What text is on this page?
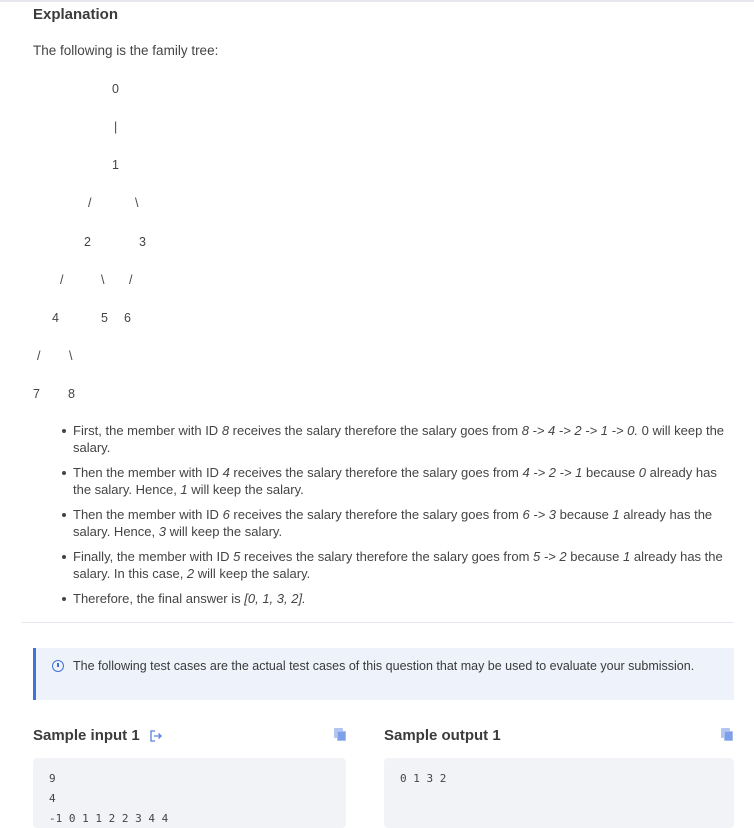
Explanation
The following is the family tree:
0
|
1
/	\
2	3
/	\ /
4	5 6
/ \
7 8
First, the member with ID 8 receives the salary therefore the salary goes from 8 -> 4 -> 2 -> 1 -> 0. 0 will keep the salary.
Then the member with ID 4 receives the salary therefore the salary goes from 4 -> 2 -> 1 because 0 already has the salary. Hence, 1 will keep the salary.
Then the member with ID 6 receives the salary therefore the salary goes from 6 -> 3 because 1 already has the salary. Hence, 3 will keep the salary.
Finally, the member with ID 5 receives the salary therefore the salary goes from 5 -> 2 because 1 already has the salary. In this case, 2 will keep the salary.
Therefore, the final answer is [0, 1, 3, 2].
The following test cases are the actual test cases of this question that may be used to evaluate your submission.
Sample input 1	Sample output 1
9
4
-1 0 1 1 2 2 3 4 4
0 1 3 2
